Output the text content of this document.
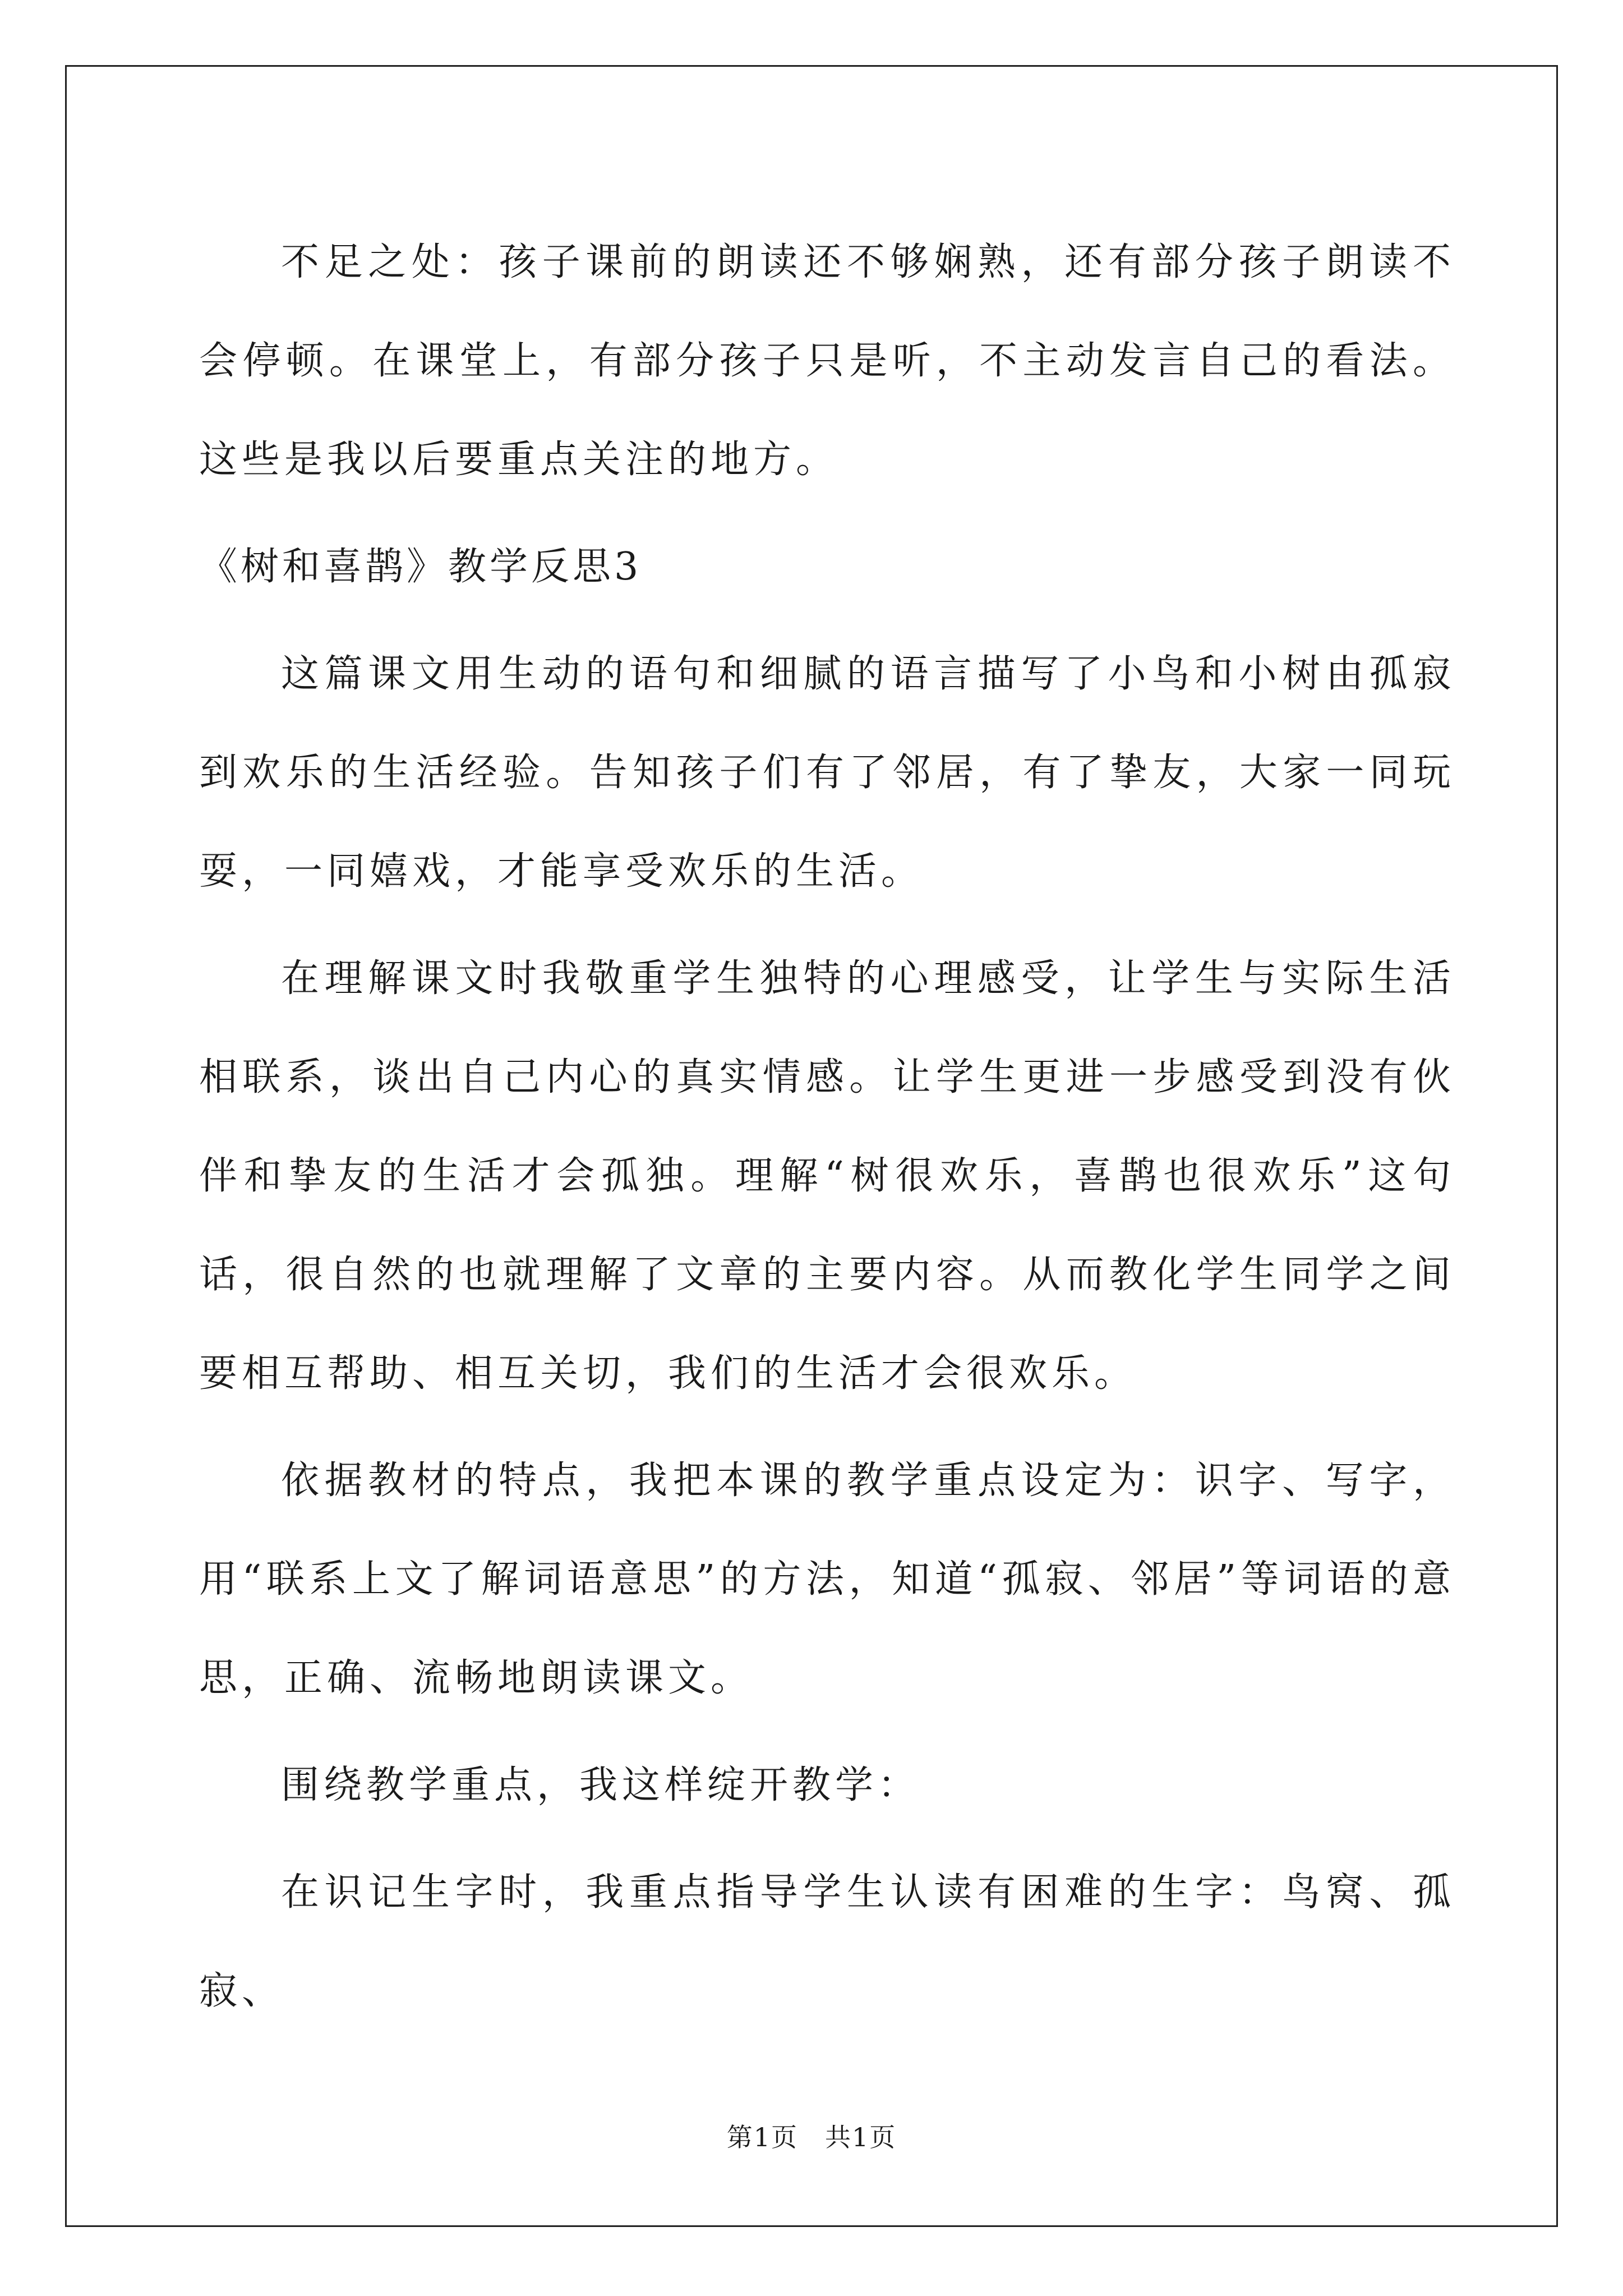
不足之处：孩子课前的朗读还不够娴熟，还有部分孩子朗读不会停顿。在课堂上，有部分孩子只是听，不主动发言自己的看法。这些是我以后要重点关注的地方。

《树和喜鹊》教学反思3

这篇课文用生动的语句和细腻的语言描写了小鸟和小树由孤寂到欢乐的生活经验。告知孩子们有了邻居，有了挚友，大家一同玩耍，一同嬉戏，才能享受欢乐的生活。

在理解课文时我敬重学生独特的心理感受，让学生与实际生活相联系，谈出自己内心的真实情感。让学生更进一步感受到没有伙伴和挚友的生活才会孤独。理解“树很欢乐，喜鹊也很欢乐”这句话，很自然的也就理解了文章的主要内容。从而教化学生同学之间要相互帮助、相互关切，我们的生活才会很欢乐。

依据教材的特点，我把本课的教学重点设定为：识字、写字，用“联系上文了解词语意思”的方法，知道“孤寂、邻居”等词语的意思，正确、流畅地朗读课文。

围绕教学重点，我这样绽开教学：

在识记生字时，我重点指导学生认读有困难的生字：鸟窝、孤寂、

第1页　共1页
